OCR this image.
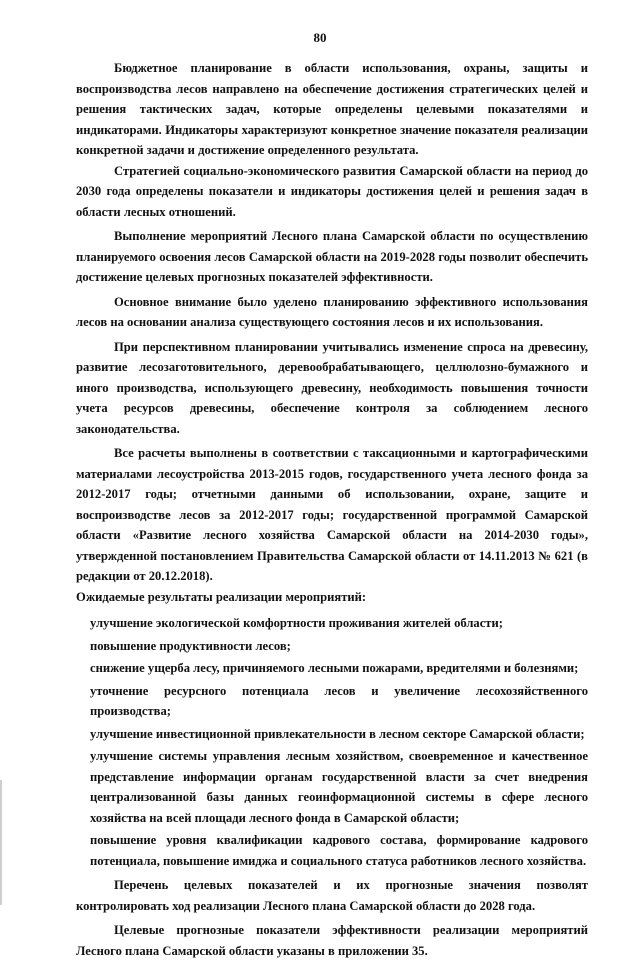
80

Бюджетное планирование в области использования, охраны, защиты и воспроизводства лесов направлено на обеспечение достижения стратегических целей и решения тактических задач, которые определены целевыми показателями и индикаторами. Индикаторы характеризуют конкретное значение показателя реализации конкретной задачи и достижение определенного результата.

Стратегией социально-экономического развития Самарской области на период до 2030 года определены показатели и индикаторы достижения целей и решения задач в области лесных отношений.

Выполнение мероприятий Лесного плана Самарской области по осуществлению планируемого освоения лесов Самарской области на 2019-2028 годы позволит обеспечить достижение целевых прогнозных показателей эффективности.

Основное внимание было уделено планированию эффективного использования лесов на основании анализа существующего состояния лесов и их использования.

При перспективном планировании учитывались изменение спроса на древесину, развитие лесозаготовительного, деревообрабатывающего, целлюлозно-бумажного и иного производства, использующего древесину, необходимость повышения точности учета ресурсов древесины, обеспечение контроля за соблюдением лесного законодательства.

Все расчеты выполнены в соответствии с таксационными и картографическими материалами лесоустройства 2013-2015 годов, государственного учета лесного фонда за 2012-2017 годы; отчетными данными об использовании, охране, защите и воспроизводстве лесов за 2012-2017 годы; государственной программой Самарской области «Развитие лесного хозяйства Самарской области на 2014-2030 годы», утвержденной постановлением Правительства Самарской области от 14.11.2013 № 621 (в редакции от 20.12.2018).

Ожидаемые результаты реализации мероприятий:

улучшение экологической комфортности проживания жителей области;

повышение продуктивности лесов;

снижение ущерба лесу, причиняемого лесными пожарами, вредителями и болезнями;

уточнение ресурсного потенциала лесов и увеличение лесохозяйственного производства;

улучшение инвестиционной привлекательности в лесном секторе Самарской области;

улучшение системы управления лесным хозяйством, своевременное и качественное представление информации органам государственной власти за счет внедрения централизованной базы данных геоинформационной системы в сфере лесного хозяйства на всей площади лесного фонда в Самарской области;

повышение уровня квалификации кадрового состава, формирование кадрового потенциала, повышение имиджа и социального статуса работников лесного хозяйства.

Перечень целевых показателей и их прогнозные значения позволят контролировать ход реализации Лесного плана Самарской области до 2028 года.

Целевые прогнозные показатели эффективности реализации мероприятий Лесного плана Самарской области указаны в приложении 35.
